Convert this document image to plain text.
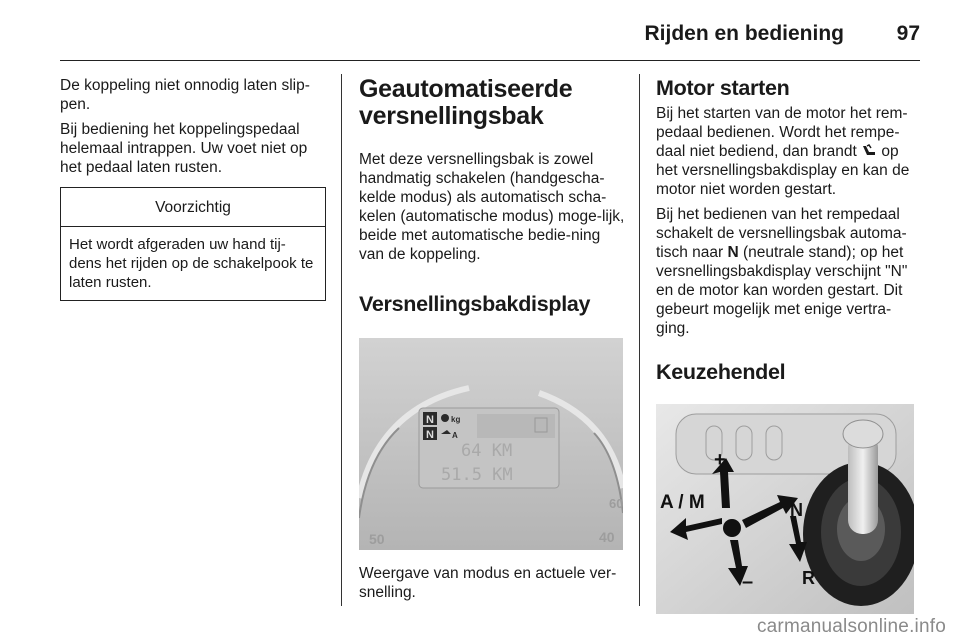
Rijden en bediening	97

De koppeling niet onnodig laten slip-pen.

Bij bediening het koppelingspedaal helemaal intrappen. Uw voet niet op het pedaal laten rusten.

Voorzichtig
Het wordt afgeraden uw hand tij-dens het rijden op de schakelpook te laten rusten.
Geautomatiseerde versnellingsbak

Met deze versnellingsbak is zowel handmatig schakelen (handgescha-kelde modus) als automatisch scha-kelen (automatische modus) moge-lijk, beide met automatische bedie-ning van de koppeling.

Versnellingsbakdisplay
N
N
kg
A
64 KM
51.5 KM
50	40
60

Weergave van modus en actuele ver-snelling.

Motor starten

Bij het starten van de motor het rem-pedaal bedienen. Wordt het rempe-daal niet bediend, dan brandt  op het versnellingsbakdisplay en kan de motor niet worden gestart.

Bij het bedienen van het rempedaal schakelt de versnellingsbak automa-tisch naar N (neutrale stand); op het versnellingsbakdisplay verschijnt "N" en de motor kan worden gestart. Dit gebeurt mogelijk met enige vertra-ging.

Keuzehendel
+
–
A / M	N
R
carmanualsonline.info
